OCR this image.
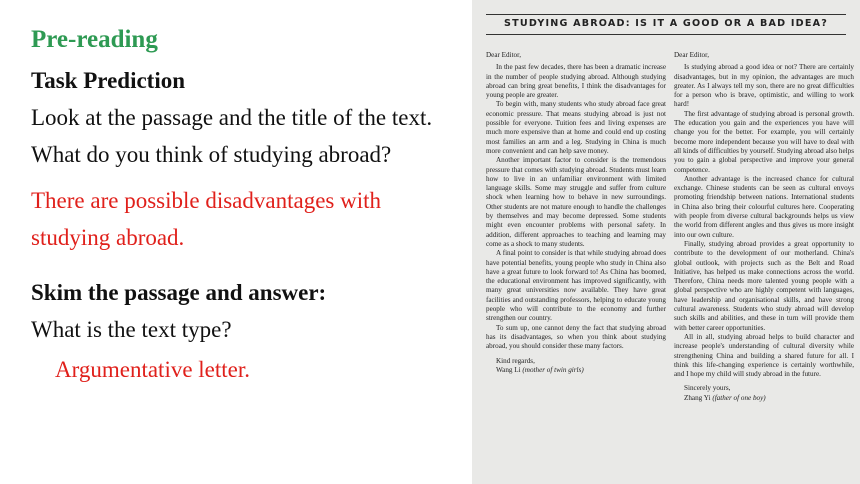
Pre-reading
Task Prediction
Look at the passage and the title of the text.
What do you think of studying abroad?
There are possible disadvantages with
studying abroad.
Skim the passage and answer:
What is the text type?
Argumentative letter.
STUDYING ABROAD: IS IT A GOOD OR A BAD IDEA?

Dear Editor,

In the past few decades, there has been a dramatic increase in the number of people studying abroad. Although studying abroad can bring great benefits, I think the disadvantages for young people are greater.

To begin with, many students who study abroad face great economic pressure. That means studying abroad is just not possible for everyone. Tuition fees and living expenses are much more expensive than at home and could end up costing most families an arm and a leg. Studying in China is much more convenient and can help save money.

Another important factor to consider is the tremendous pressure that comes with studying abroad. Students must learn how to live in an unfamiliar environment with limited language skills. Some may struggle and suffer from culture shock when learning how to behave in new surroundings. Other students are not mature enough to handle the challenges by themselves and may become depressed. Some students might even encounter problems with personal safety. In addition, different approaches to teaching and learning may come as a shock to many students.

A final point to consider is that while studying abroad does have potential benefits, young people who study in China also have a great future to look forward to! As China has boomed, the educational environment has improved significantly, with many great universities now available. They have great facilities and outstanding professors, helping to educate young people who will contribute to the economy and further strengthen our country.

To sum up, one cannot deny the fact that studying abroad has its disadvantages, so when you think about studying abroad, you should consider these many factors.

Kind regards,

Wang Li (mother of twin girls)

Dear Editor,

Is studying abroad a good idea or not? There are certainly disadvantages, but in my opinion, the advantages are much greater. As I always tell my son, there are no great difficulties for a person who is brave, optimistic, and willing to work hard!

The first advantage of studying abroad is personal growth. The education you gain and the experiences you have will change you for the better. For example, you will certainly become more independent because you will have to deal with all kinds of difficulties by yourself. Studying abroad also helps you to gain a global perspective and improve your general competence.

Another advantage is the increased chance for cultural exchange. Chinese students can be seen as cultural envoys promoting friendship between nations. International students in China also bring their colourful cultures here. Cooperating with people from diverse cultural backgrounds helps us view the world from different angles and thus gives us more insight into our own culture.

Finally, studying abroad provides a great opportunity to contribute to the development of our motherland. China's global outlook, with projects such as the Belt and Road Initiative, has helped us make connections across the world. Therefore, China needs more talented young people with a global perspective who are highly competent with languages, have leadership and organisational skills, and have strong cultural awareness. Students who study abroad will develop such skills and abilities, and these in turn will provide them with better career opportunities.

All in all, studying abroad helps to build character and increase people's understanding of cultural diversity while strengthening China and building a shared future for all. I think this life-changing experience is certainly worthwhile, and I hope my child will study abroad in the future.

Sincerely yours,

Zhang Yi (father of one boy)
